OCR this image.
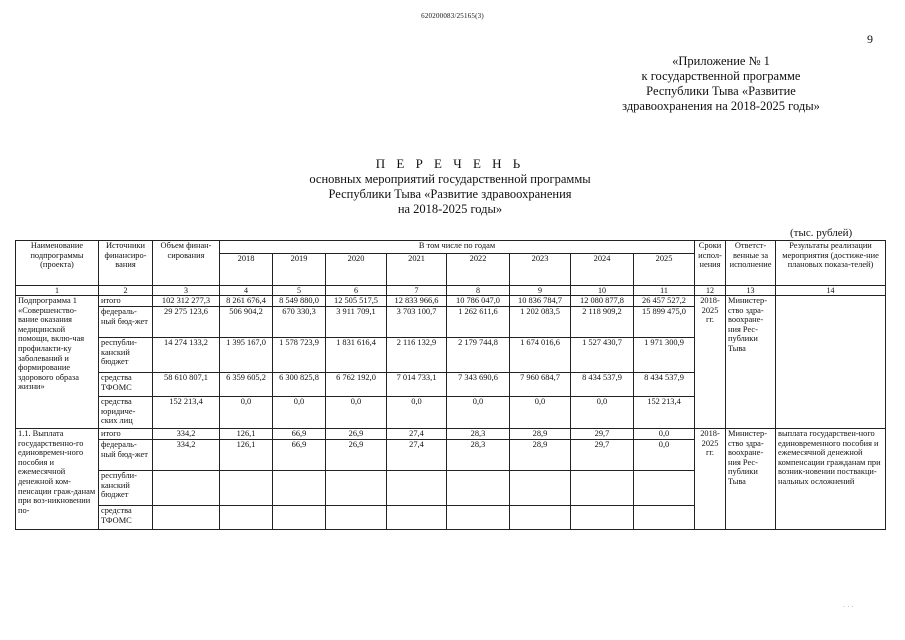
620200083/25165(3)
9
«Приложение № 1
к государственной программе
Республики Тыва «Развитие
здравоохранения на 2018-2025 годы»
П Е Р Е Ч Е Н Ь
основных мероприятий государственной программы
Республики Тыва «Развитие здравоохранения
на 2018-2025 годы»
(тыс. рублей)
Наименование подпрограммы (проекта)	Источники финансиро-вания	Объем финан-сирования	В том числе по годам								Сроки испол-нения	Ответст-венные за исполнение	Результаты реализации мероприятия (достиже-ние плановых показа-телей)
			2018	2019	2020	2021	2022	2023	2024	2025			
1	2	3	4	5	6	7	8	9	10	11	12	13	14
Подпрограмма 1 «Совершенство-вание оказания медицинской помощи, вклю-чая профилакти-ку заболеваний и формирование здорового образа жизни»	итого	102 312 277,3	8 261 676,4	8 549 880,0	12 505 517,5	12 833 966,6	10 786 047,0	10 836 784,7	12 080 877,8	26 457 527,2	2018-2025 гг.	Министер-ство здра-воохране-ния Рес-публики Тыва	
	федераль-ный бюд-жет	29 275 123,6	506 904,2	670 330,3	3 911 709,1	3 703 100,7	1 262 611,6	1 202 083,5	2 118 909,2	15 899 475,0			
	республи-канский бюджет	14 274 133,2	1 395 167,0	1 578 723,9	1 831 616,4	2 116 132,9	2 179 744,8	1 674 016,6	1 527 430,7	1 971 300,9			
	средства ТФОМС	58 610 807,1	6 359 605,2	6 300 825,8	6 762 192,0	7 014 733,1	7 343 690,6	7 960 684,7	8 434 537,9	8 434 537,9			
	средства юридиче-ских лиц	152 213,4	0,0	0,0	0,0	0,0	0,0	0,0	0,0	152 213,4			
1.1. Выплата государственно-го единовремен-ного пособия и ежемесячной денежной ком-пенсации граж-данам при воз-никновении по-	итого	334,2	126,1	66,9	26,9	27,4	28,3	28,9	29,7	0,0	2018-2025 гг.	Министер-ство здра-воохране-ния Рес-публики Тыва	выплата государствен-ного единовременного пособия и ежемесячной денежной компенсации гражданам при возник-новении поствакци-нальных осложнений
	федераль-ный бюд-жет	334,2	126,1	66,9	26,9	27,4	28,3	28,9	29,7	0,0			
	республи-канский бюджет												
	средства ТФОМС												
· · ·
